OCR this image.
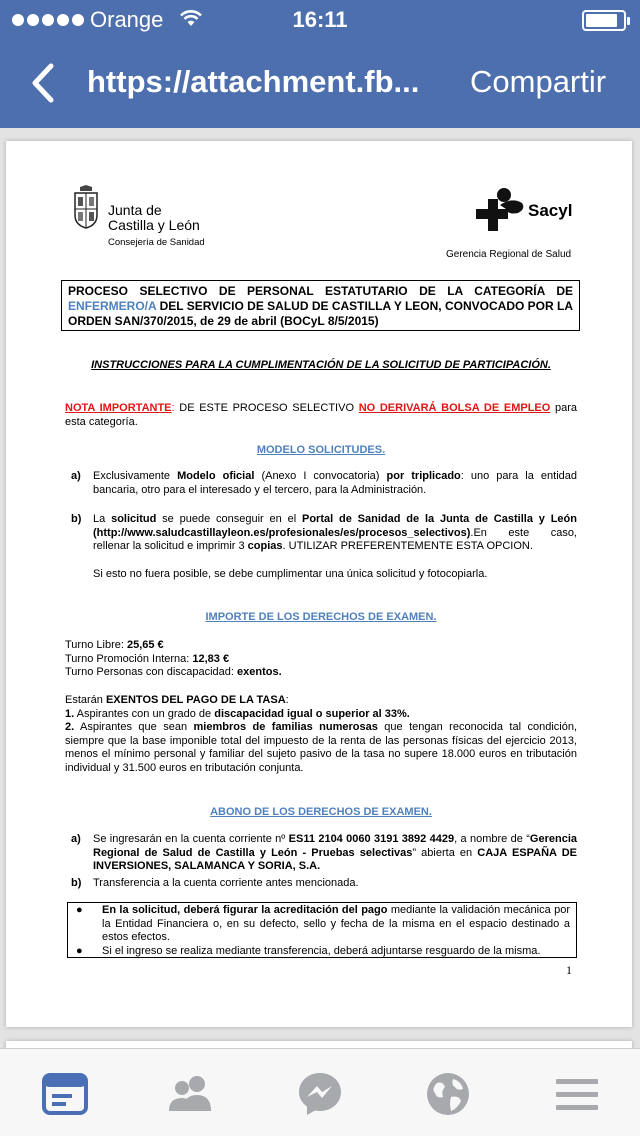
Orange	16:11
https://attachment.fb...	Compartir
Junta de
Castilla y León
Consejería de Sanidad
Sacyl
Gerencia Regional de Salud
PROCESO SELECTIVO DE PERSONAL ESTATUTARIO DE LA CATEGORÍA DE ENFERMERO/A DEL SERVICIO DE SALUD DE CASTILLA Y LEON, CONVOCADO POR LA ORDEN SAN/370/2015, de 29 de abril (BOCyL 8/5/2015)
INSTRUCCIONES PARA LA CUMPLIMENTACIÓN DE LA SOLICITUD DE PARTICIPACIÓN.
NOTA IMPORTANTE: DE ESTE PROCESO SELECTIVO NO DERIVARÁ BOLSA DE EMPLEO para esta categoría.
MODELO SOLICITUDES.
a) Exclusivamente Modelo oficial (Anexo I convocatoria) por triplicado: uno para la entidad bancaria, otro para el interesado y el tercero, para la Administración.
b) La solicitud se puede conseguir en el Portal de Sanidad de la Junta de Castilla y León (http://www.saludcastillayleon.es/profesionales/es/procesos_selectivos).En este caso, rellenar la solicitud e imprimir 3 copias. UTILIZAR PREFERENTEMENTE ESTA OPCION.
Si esto no fuera posible, se debe cumplimentar una única solicitud y fotocopiarla.
IMPORTE DE LOS DERECHOS DE EXAMEN.
Turno Libre: 25,65 €
Turno Promoción Interna: 12,83 €
Turno Personas con discapacidad: exentos.
Estarán EXENTOS DEL PAGO DE LA TASA:
1. Aspirantes con un grado de discapacidad igual o superior al 33%.
2. Aspirantes que sean miembros de familias numerosas que tengan reconocida tal condición, siempre que la base imponible total del impuesto de la renta de las personas físicas del ejercicio 2013, menos el mínimo personal y familiar del sujeto pasivo de la tasa no supere 18.000 euros en tributación individual y 31.500 euros en tributación conjunta.
ABONO DE LOS DERECHOS DE EXAMEN.
a) Se ingresarán en la cuenta corriente nº ES11 2104 0060 3191 3892 4429, a nombre de “Gerencia Regional de Salud de Castilla y León - Pruebas selectivas” abierta en CAJA ESPAÑA DE INVERSIONES, SALAMANCA Y SORIA, S.A.
b) Transferencia a la cuenta corriente antes mencionada.
●	En la solicitud, deberá figurar la acreditación del pago mediante la validación mecánica por la Entidad Financiera o, en su defecto, sello y fecha de la misma en el espacio destinado a estos efectos.
●	Si el ingreso se realiza mediante transferencia, deberá adjuntarse resguardo de la misma.
1
